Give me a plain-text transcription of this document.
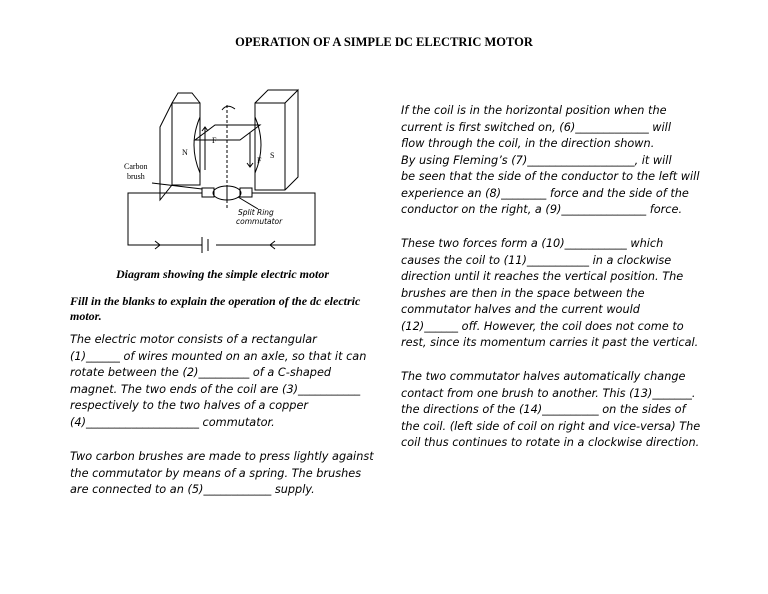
OPERATION OF A SIMPLE DC ELECTRIC MOTOR
N	S
F
F
Carbon
brush
Split Ring
commutator
Diagram showing the simple electric motor
Fill in the blanks to explain the operation of the dc electric motor.
The electric motor consists of a rectangular
(1)______ of wires mounted on an axle, so that it can
rotate between the (2)_________ of a C-shaped
magnet. The two ends of the coil are (3)___________
respectively to the two halves of a copper
(4)____________________ commutator.
Two carbon brushes are made to press lightly against
the commutator by means of a spring. The brushes
are connected to an (5)____________ supply.
If the coil is in the horizontal position when the
current is first switched on, (6)_____________ will
flow through the coil, in the direction shown.
By using Fleming’s (7)___________________, it will
be seen that the side of the conductor to the left will
experience an (8)________ force and the side of the
conductor on the right, a (9)_______________ force.
These two forces form a (10)___________ which
causes the coil to (11)___________ in a clockwise
direction until it reaches the vertical position. The
brushes are then in the space between the
commutator halves and the current would
(12)______ off. However, the coil does not come to
rest, since its momentum carries it past the vertical.
The two commutator halves automatically change
contact from one brush to another. This (13)_______.
the directions of the (14)__________ on the sides of
the coil. (left side of coil on right and vice-versa) The
coil thus continues to rotate in a clockwise direction.
